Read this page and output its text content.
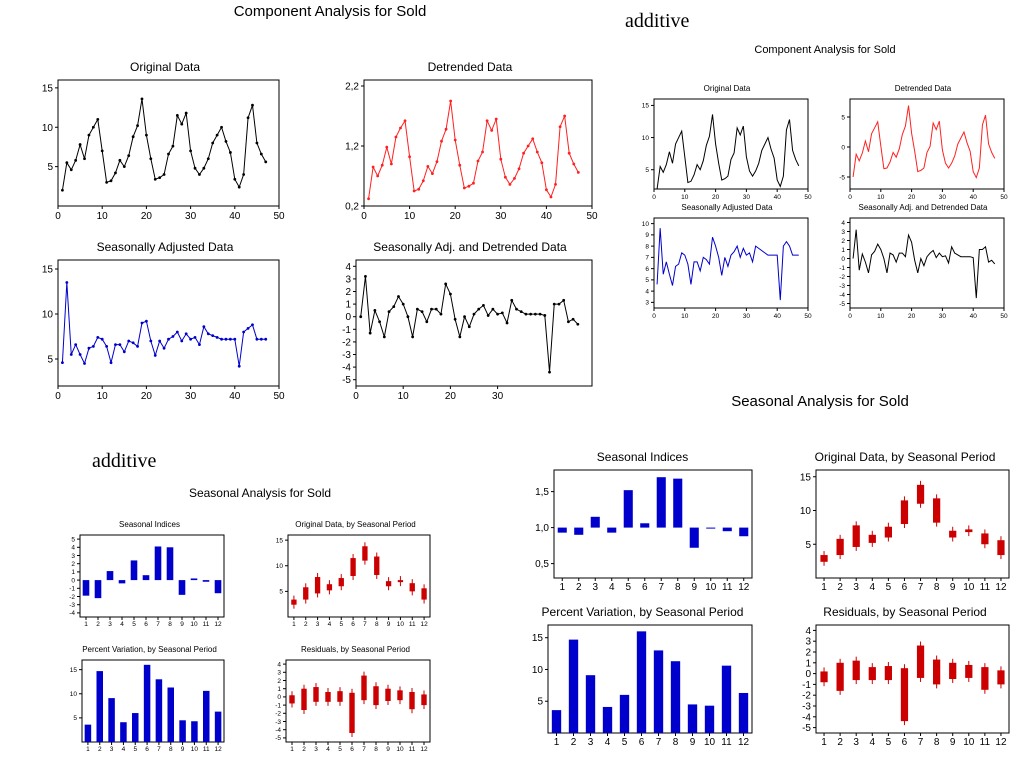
Component Analysis for Sold	additive
Component Analysis for Sold
Seasonal Analysis for Sold
additive
Seasonal Analysis for Sold
Original Data
0	10	20	30	40	50
5
10
15
Detrended Data
0	10	20	30	40	50
0,2
1,2
2,2
Seasonally Adjusted Data
0	10	20	30	40	50
5
10
15
Seasonally Adj. and Detrended Data
0	10	20	30
-5
-4
-3
-2
-1
0
1
2
3
4
Original Data
0	10	20	30	40	50
5
10
15
Detrended Data
0	10	20	30	40	50
-5
0
5
Seasonally Adjusted Data
0	10	20	30	40	50
3
4
5
6
7
8
9
10
Seasonally Adj. and Detrended Data
0	10	20	30	40	50
-5
-4
-3
-2
-1
0
1
2
3
4
Seasonal Indices
0,5
1,0
1,5
1 2 3 4 5 6 7 8 9 10 11 12
Original Data, by Seasonal Period
5
10
15
1 2 3 4 5 6 7 8 9 10 11 12
Percent Variation, by Seasonal Period
5
10
15
1 2 3 4 5 6 7 8 9 10 11 12
Residuals, by Seasonal Period
-5
-4
-3
-2
-1
0
1
2
3
4
1 2 3 4 5 6 7 8 9 10 11 12
Seasonal Indices
-4
-3
-2
-1
0
1
2
3
4
5
1 2 3 4 5 6 7 8 9 10 11 12
Original Data, by Seasonal Period
5
10
15
1 2 3 4 5 6 7 8 9 10 11 12
Percent Variation, by Seasonal Period
5
10
15
1 2 3 4 5 6 7 8 9 10 11 12
Residuals, by Seasonal Period
-5
-4
-3
-2
-1
0
1
2
3
4
1 2 3 4 5 6 7 8 9 10 11 12
